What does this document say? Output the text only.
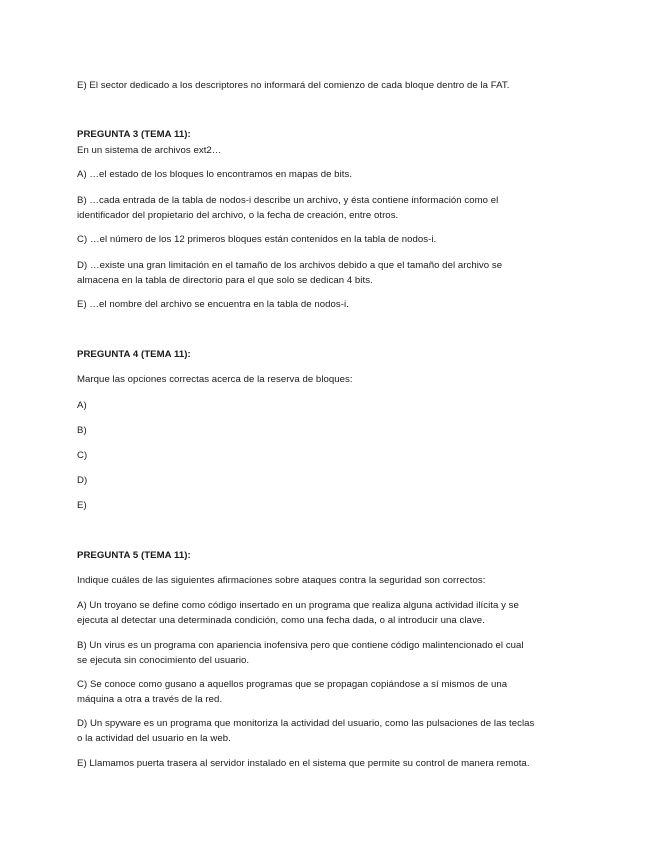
E) El sector dedicado a los descriptores no informará del comienzo de cada bloque dentro de la FAT.
PREGUNTA 3 (TEMA 11):
En un sistema de archivos ext2…
A) …el estado de los bloques lo encontramos en mapas de bits.
B) …cada entrada de la tabla de nodos-i describe un archivo, y ésta contiene información como el
identificador del propietario del archivo, o la fecha de creación, entre otros.
C) …el número de los 12 primeros bloques están contenidos en la tabla de nodos-i.
D) …existe una gran limitación en el tamaño de los archivos debido a que el tamaño del archivo se
almacena en la tabla de directorio para el que solo se dedican 4 bits.
E) …el nombre del archivo se encuentra en la tabla de nodos-i.
PREGUNTA 4 (TEMA 11):
Marque las opciones correctas acerca de la reserva de bloques:
A)
B)
C)
D)
E)
PREGUNTA 5 (TEMA 11):
Indique cuáles de las siguientes afirmaciones sobre ataques contra la seguridad son correctos:
A) Un troyano se define como código insertado en un programa que realiza alguna actividad ilícita y se
ejecuta al detectar una determinada condición, como una fecha dada, o al introducir una clave.
B) Un virus es un programa con apariencia inofensiva pero que contiene código malintencionado el cual
se ejecuta sin conocimiento del usuario.
C) Se conoce como gusano a aquellos programas que se propagan copiándose a sí mismos de una
máquina a otra a través de la red.
D) Un spyware es un programa que monitoriza la actividad del usuario, como las pulsaciones de las teclas
o la actividad del usuario en la web.
E) Llamamos puerta trasera al servidor instalado en el sistema que permite su control de manera remota.
